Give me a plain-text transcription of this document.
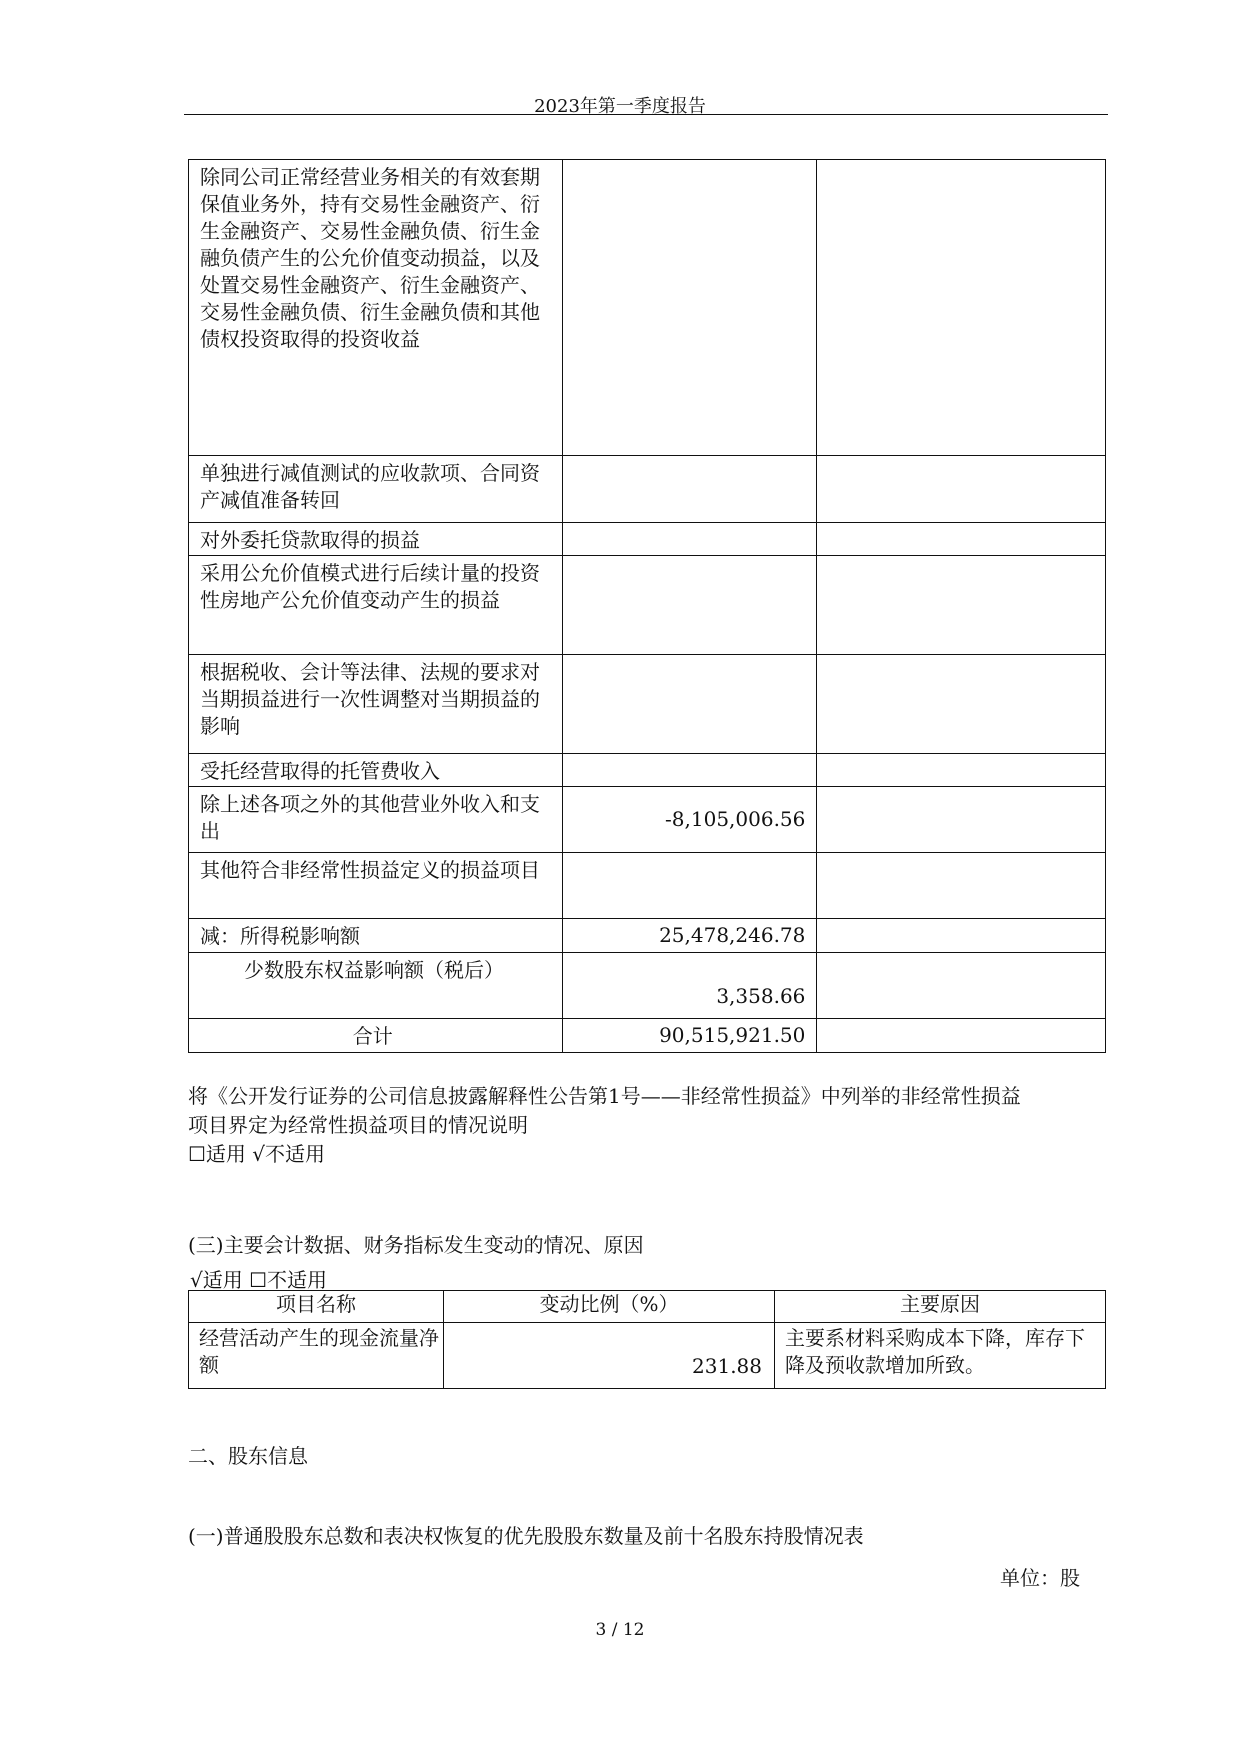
2023年第一季度报告
除同公司正常经营业务相关的有效套期保值业务外，持有交易性金融资产、衍生金融资产、交易性金融负债、衍生金融负债产生的公允价值变动损益，以及处置交易性金融资产、衍生金融资产、交易性金融负债、衍生金融负债和其他债权投资取得的投资收益		
单独进行减值测试的应收款项、合同资产减值准备转回		
对外委托贷款取得的损益		
采用公允价值模式进行后续计量的投资性房地产公允价值变动产生的损益		
根据税收、会计等法律、法规的要求对当期损益进行一次性调整对当期损益的影响		
受托经营取得的托管费收入		
除上述各项之外的其他营业外收入和支出	-8,105,006.56	
其他符合非经常性损益定义的损益项目		
减：所得税影响额	25,478,246.78	
少数股东权益影响额（税后）	3,358.66	
合计	90,515,921.50	
将《公开发行证券的公司信息披露解释性公告第1号——非经常性损益》中列举的非经常性损益
项目界定为经常性损益项目的情况说明
☐适用 √不适用
(三)主要会计数据、财务指标发生变动的情况、原因
√适用 ☐不适用
项目名称	变动比例（%）	主要原因
经营活动产生的现金流量净额	231.88	主要系材料采购成本下降，库存下降及预收款增加所致。
二、股东信息
(一)普通股股东总数和表决权恢复的优先股股东数量及前十名股东持股情况表
单位：股
3 / 12
